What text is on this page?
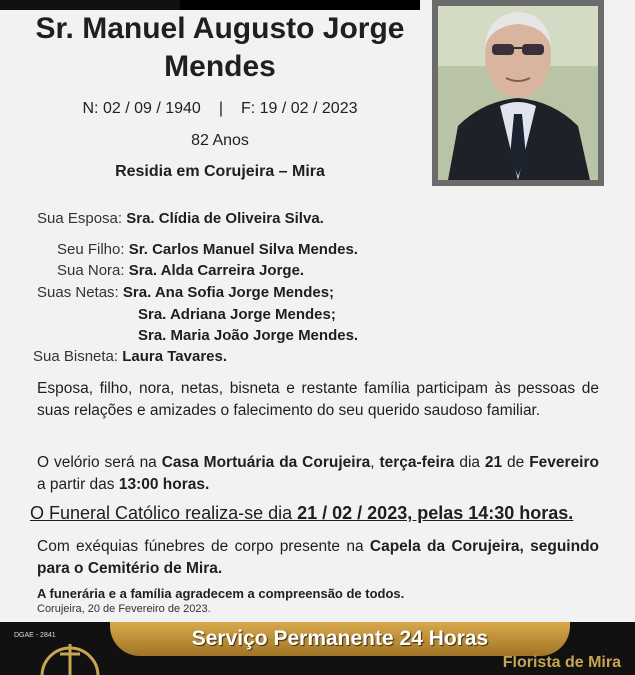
Sr. Manuel Augusto Jorge Mendes
N: 02 / 09 / 1940 | F: 19 / 02 / 2023
82 Anos
Residia em Corujeira – Mira
Sua Esposa: Sra. Clídia de Oliveira Silva.
Seu Filho: Sr. Carlos Manuel Silva Mendes.
Sua Nora: Sra. Alda Carreira Jorge.
Suas Netas: Sra. Ana Sofia Jorge Mendes;
Sra. Adriana Jorge Mendes;
Sra. Maria João Jorge Mendes.
Sua Bisneta: Laura Tavares.
Esposa, filho, nora, netas, bisneta e restante família participam às pessoas de suas relações e amizades o falecimento do seu querido saudoso familiar.
O velório será na Casa Mortuária da Corujeira, terça-feira dia 21 de Fevereiro a partir das 13:00 horas.
O Funeral Católico realiza-se dia 21 / 02 / 2023, pelas 14:30 horas.
Com exéquias fúnebres de corpo presente na Capela da Corujeira, seguindo para o Cemitério de Mira.
A funerária e a família agradecem a compreensão de todos.
Corujeira, 20 de Fevereiro de 2023.
DGAE - 2841	Serviço Permanente 24 Horas
Florista de Mira
